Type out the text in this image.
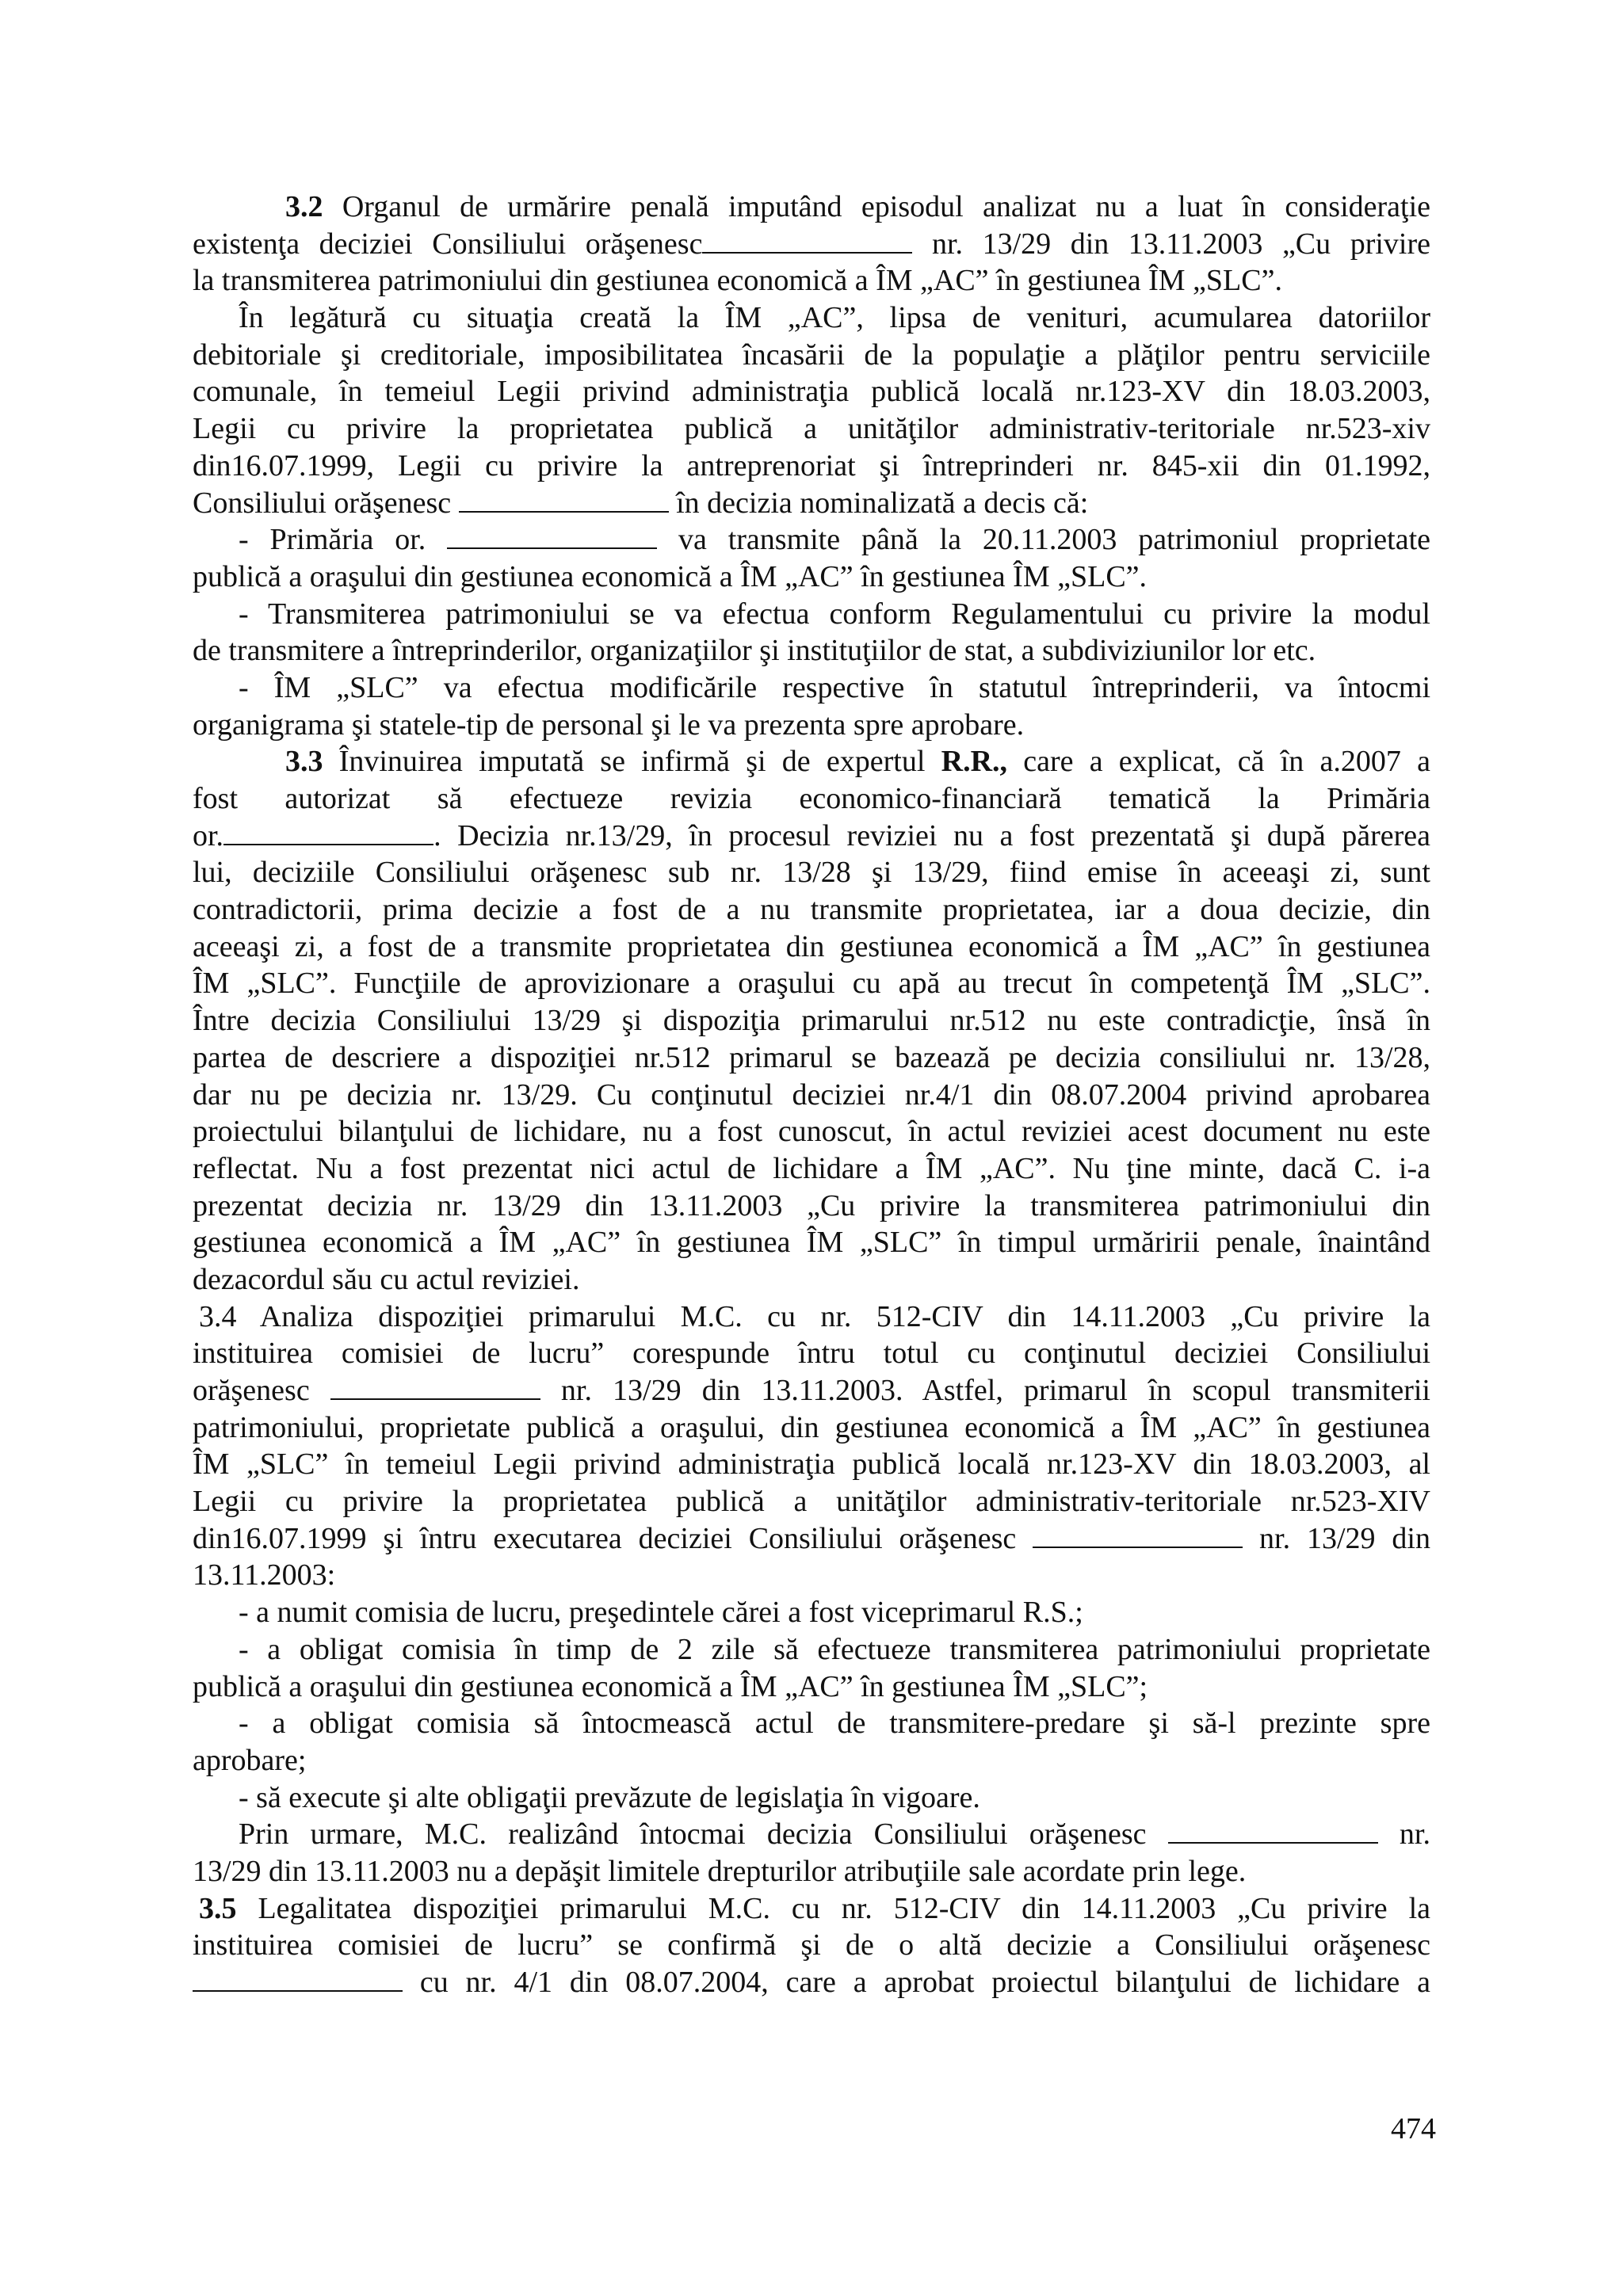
3.2 Organul de urmărire penală imputând episodul analizat nu a luat în consideraţie
existenţa deciziei Consiliului orăşenesc	nr. 13/29 din 13.11.2003 „Cu privire
la transmiterea patrimoniului din gestiunea economică a ÎM „AC” în gestiunea ÎM „SLC”.
În legătură cu situaţia creată la ÎM „AC”, lipsa de venituri, acumularea datoriilor
debitoriale şi creditoriale, imposibilitatea încasării de la populaţie a plăţilor pentru serviciile
comunale, în temeiul Legii privind administraţia publică locală nr.123-XV din 18.03.2003,
Legii cu privire la proprietatea publică a unităţilor administrativ-teritoriale nr.523-xiv
din16.07.1999, Legii cu privire la antreprenoriat şi întreprinderi nr. 845-xii din 01.1992,
Consiliului orăşenesc	în decizia nominalizată a decis că:
- Primăria or.	va transmite până la 20.11.2003 patrimoniul proprietate
publică a oraşului din gestiunea economică a ÎM „AC” în gestiunea ÎM „SLC”.
- Transmiterea patrimoniului se va efectua conform Regulamentului cu privire la modul
de transmitere a întreprinderilor, organizaţiilor şi instituţiilor de stat, a subdiviziunilor lor etc.
- ÎM „SLC” va efectua modificările respective în statutul întreprinderii, va întocmi
organigrama şi statele-tip de personal şi le va prezenta spre aprobare.
3.3 Învinuirea imputată se infirmă şi de expertul R.R., care a explicat, că în a.2007 a
fost autorizat să efectueze revizia economico-financiară tematică la Primăria
or.	. Decizia nr.13/29, în procesul reviziei nu a fost prezentată şi după părerea
lui, deciziile Consiliului orăşenesc sub nr. 13/28 şi 13/29, fiind emise în aceeaşi zi, sunt
contradictorii, prima decizie a fost de a nu transmite proprietatea, iar a doua decizie, din
aceeaşi zi, a fost de a transmite proprietatea din gestiunea economică a ÎM „AC” în gestiunea
ÎM „SLC”. Funcţiile de aprovizionare a oraşului cu apă au trecut în competenţă ÎM „SLC”.
Între decizia Consiliului 13/29 şi dispoziţia primarului nr.512 nu este contradicţie, însă în
partea de descriere a dispoziţiei nr.512 primarul se bazează pe decizia consiliului nr. 13/28,
dar nu pe decizia nr. 13/29. Cu conţinutul deciziei nr.4/1 din 08.07.2004 privind aprobarea
proiectului bilanţului de lichidare, nu a fost cunoscut, în actul reviziei acest document nu este
reflectat. Nu a fost prezentat nici actul de lichidare a ÎM „AC”. Nu ţine minte, dacă C. i-a
prezentat decizia nr. 13/29 din 13.11.2003 „Cu privire la transmiterea patrimoniului din
gestiunea economică a ÎM „AC” în gestiunea ÎM „SLC” în timpul urmăririi penale, înaintând
dezacordul său cu actul reviziei.
3.4 Analiza dispoziţiei primarului M.C. cu nr. 512-CIV din 14.11.2003 „Cu privire la
instituirea comisiei de lucru” corespunde întru totul cu conţinutul deciziei Consiliului
orăşenesc	nr. 13/29 din 13.11.2003. Astfel, primarul în scopul transmiterii
patrimoniului, proprietate publică a oraşului, din gestiunea economică a ÎM „AC” în gestiunea
ÎM „SLC” în temeiul Legii privind administraţia publică locală nr.123-XV din 18.03.2003, al
Legii cu privire la proprietatea publică a unităţilor administrativ-teritoriale nr.523-XIV
din16.07.1999 şi întru executarea deciziei Consiliului orăşenesc	nr. 13/29 din
13.11.2003:
- a numit comisia de lucru, preşedintele cărei a fost viceprimarul R.S.;
- a obligat comisia în timp de 2 zile să efectueze transmiterea patrimoniului proprietate
publică a oraşului din gestiunea economică a ÎM „AC” în gestiunea ÎM „SLC”;
- a obligat comisia să întocmească actul de transmitere-predare şi să-l prezinte spre
aprobare;
- să execute şi alte obligaţii prevăzute de legislaţia în vigoare.
Prin urmare, M.C. realizând întocmai decizia Consiliului orăşenesc	nr.
13/29 din 13.11.2003 nu a depăşit limitele drepturilor atribuţiile sale acordate prin lege.
3.5 Legalitatea dispoziţiei primarului M.C. cu nr. 512-CIV din 14.11.2003 „Cu privire la
instituirea comisiei de lucru” se confirmă şi de o altă decizie a Consiliului orăşenesc
cu nr. 4/1 din 08.07.2004, care a aprobat proiectul bilanţului de lichidare a
474
